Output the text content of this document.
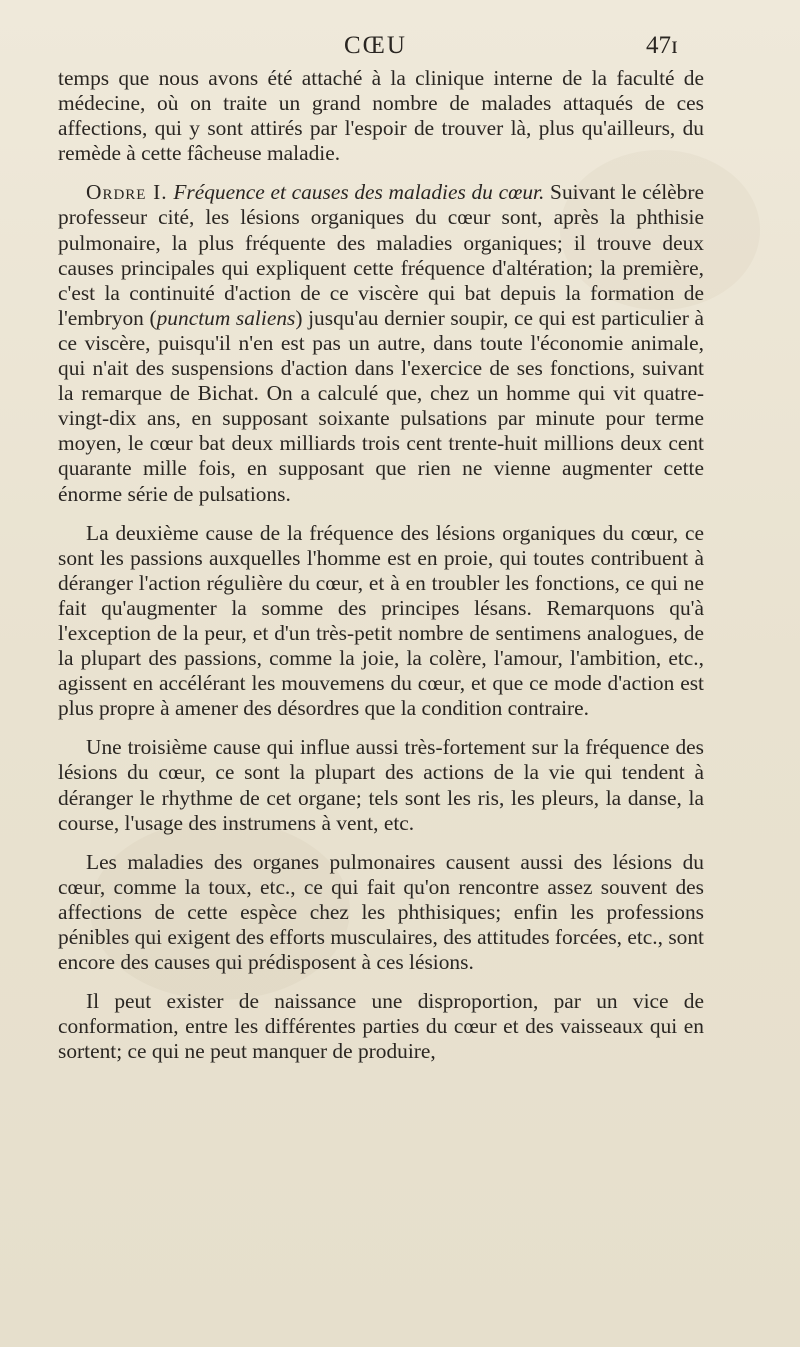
CŒU	47ɪ

temps que nous avons été attaché à la clinique interne de la faculté de médecine, où on traite un grand nombre de malades attaqués de ces affections, qui y sont attirés par l'espoir de trouver là, plus qu'ailleurs, du remède à cette fâcheuse maladie.

Ordre I. Fréquence et causes des maladies du cœur. Suivant le célèbre professeur cité, les lésions organiques du cœur sont, après la phthisie pulmonaire, la plus fréquente des maladies organiques; il trouve deux causes principales qui expliquent cette fréquence d'altération; la première, c'est la continuité d'action de ce viscère qui bat depuis la formation de l'embryon (punctum saliens) jusqu'au dernier soupir, ce qui est particulier à ce viscère, puisqu'il n'en est pas un autre, dans toute l'économie animale, qui n'ait des suspensions d'action dans l'exercice de ses fonctions, suivant la remarque de Bichat. On a calculé que, chez un homme qui vit quatre-vingt-dix ans, en supposant soixante pulsations par minute pour terme moyen, le cœur bat deux milliards trois cent trente-huit millions deux cent quarante mille fois, en supposant que rien ne vienne augmenter cette énorme série de pulsations.

La deuxième cause de la fréquence des lésions organiques du cœur, ce sont les passions auxquelles l'homme est en proie, qui toutes contribuent à déranger l'action régulière du cœur, et à en troubler les fonctions, ce qui ne fait qu'augmenter la somme des principes lésans. Remarquons qu'à l'exception de la peur, et d'un très-petit nombre de sentimens analogues, de la plupart des passions, comme la joie, la colère, l'amour, l'ambition, etc., agissent en accélérant les mouvemens du cœur, et que ce mode d'action est plus propre à amener des désordres que la condition contraire.

Une troisième cause qui influe aussi très-fortement sur la fréquence des lésions du cœur, ce sont la plupart des actions de la vie qui tendent à déranger le rhythme de cet organe; tels sont les ris, les pleurs, la danse, la course, l'usage des instrumens à vent, etc.

Les maladies des organes pulmonaires causent aussi des lésions du cœur, comme la toux, etc., ce qui fait qu'on rencontre assez souvent des affections de cette espèce chez les phthisiques; enfin les professions pénibles qui exigent des efforts musculaires, des attitudes forcées, etc., sont encore des causes qui prédisposent à ces lésions.

Il peut exister de naissance une disproportion, par un vice de conformation, entre les différentes parties du cœur et des vaisseaux qui en sortent; ce qui ne peut manquer de produire,
